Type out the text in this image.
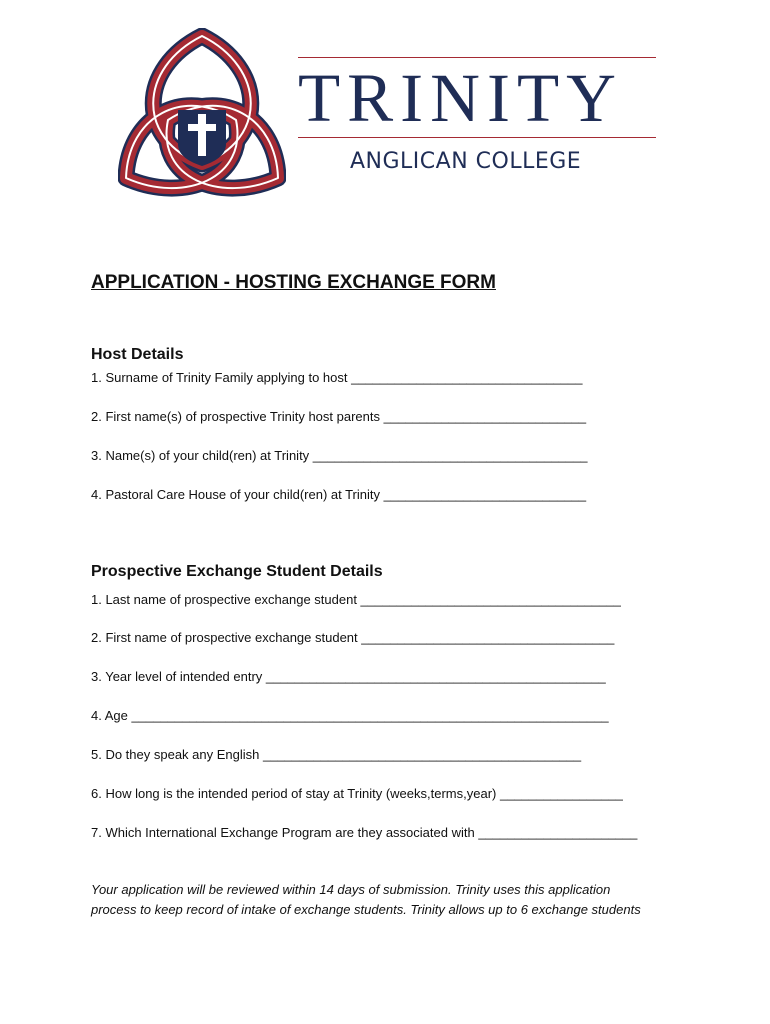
TRINITY
ANGLICAN COLLEGE
APPLICATION - HOSTING EXCHANGE FORM
Host Details
1. Surname of Trinity Family applying to host ________________________________
2. First name(s) of prospective Trinity host parents ____________________________
3. Name(s) of your child(ren) at Trinity ______________________________________
4. Pastoral Care House of your child(ren) at Trinity ____________________________
Prospective Exchange Student Details
1. Last name of prospective exchange student ____________________________________
2. First name of prospective exchange student ___________________________________
3. Year level of intended entry _______________________________________________
4. Age __________________________________________________________________
5. Do they speak any English ____________________________________________
6. How long is the intended period of stay at Trinity (weeks,terms,year) _________________
7. Which International Exchange Program are they associated with ______________________
Your application will be reviewed within 14 days of submission. Trinity uses this application
process to keep record of intake of exchange students. Trinity allows up to 6 exchange students
